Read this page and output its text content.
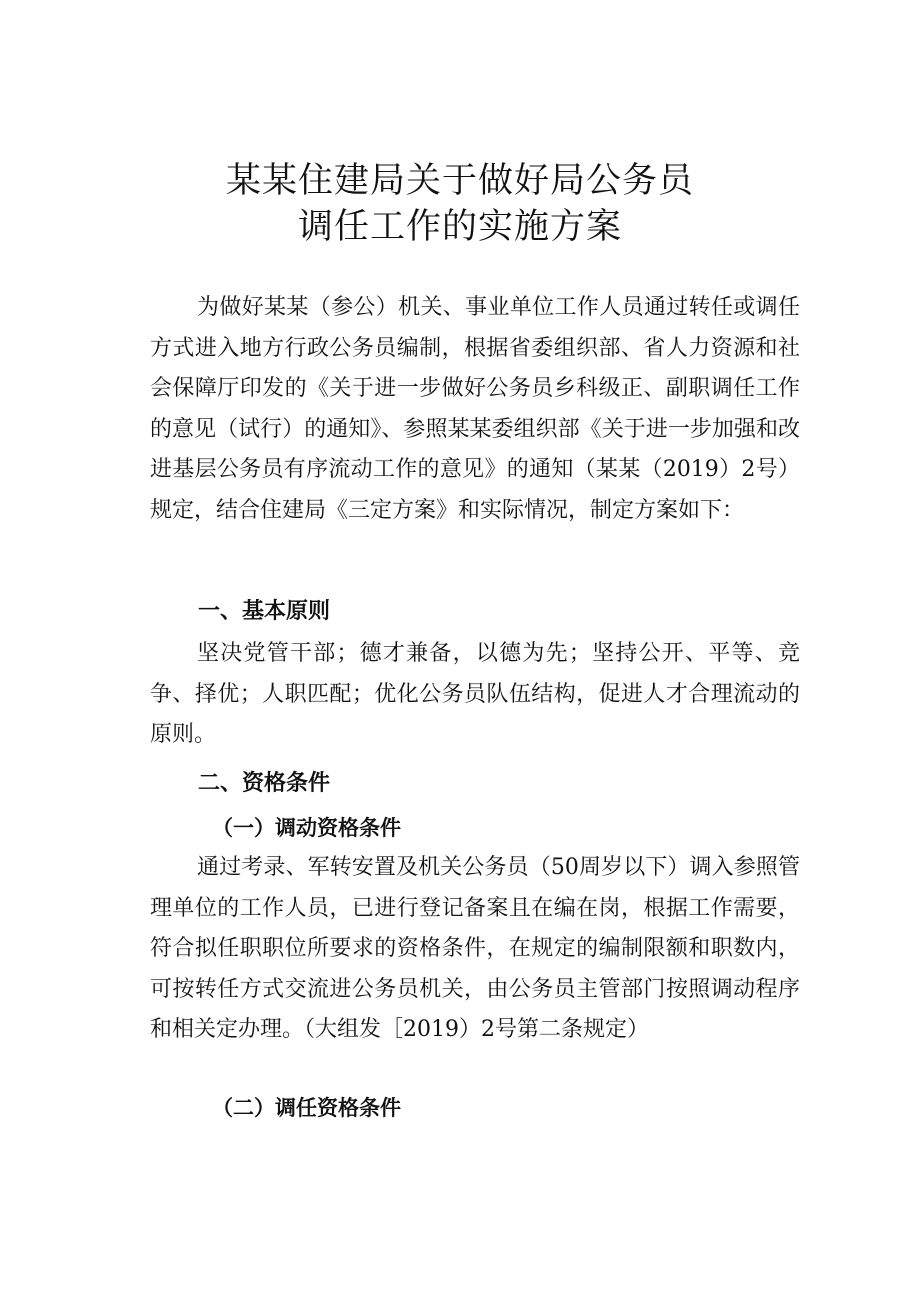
某某住建局关于做好局公务员
调任工作的实施方案

为做好某某（参公）机关、事业单位工作人员通过转任或调任方式进入地方行政公务员编制，根据省委组织部、省人力资源和社会保障厅印发的《关于进一步做好公务员乡科级正、副职调任工作的意见（试行）的通知》、参照某某委组织部《关于进一步加强和改进基层公务员有序流动工作的意见》的通知（某某（2019）2号）规定，结合住建局《三定方案》和实际情况，制定方案如下：

一、基本原则

坚决党管干部；德才兼备，以德为先；坚持公开、平等、竞争、择优；人职匹配；优化公务员队伍结构，促进人才合理流动的原则。

二、资格条件
（一）调动资格条件

通过考录、军转安置及机关公务员（50周岁以下）调入参照管理单位的工作人员，已进行登记备案且在编在岗，根据工作需要，符合拟任职职位所要求的资格条件，在规定的编制限额和职数内，可按转任方式交流进公务员机关，由公务员主管部门按照调动程序和相关定办理。（大组发［2019）2号第二条规定）

（二）调任资格条件
